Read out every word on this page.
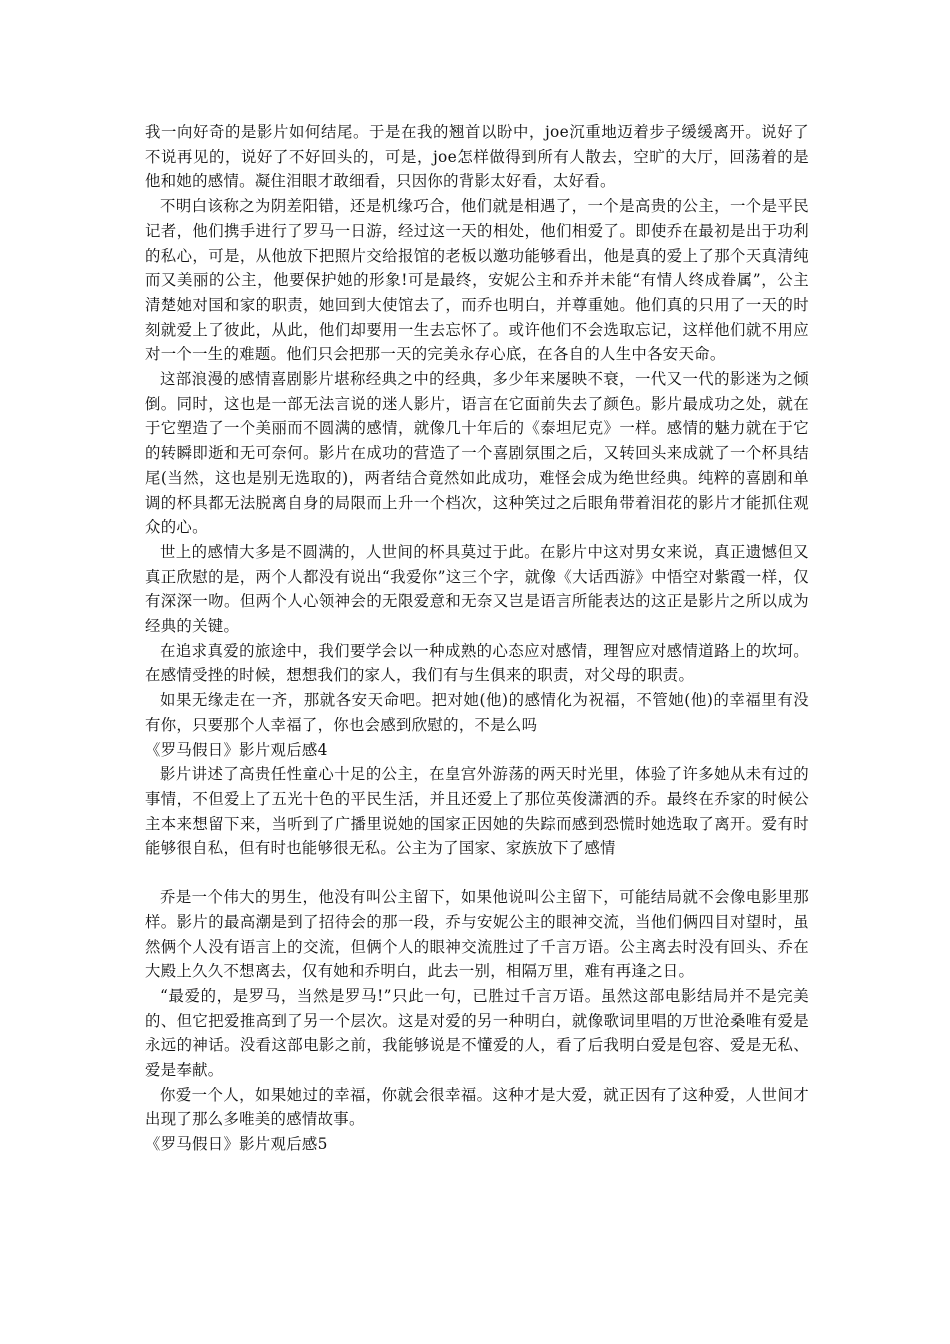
我一向好奇的是影片如何结尾。于是在我的翘首以盼中，joe沉重地迈着步子缓缓离开。说好了不说再见的，说好了不好回头的，可是，joe怎样做得到所有人散去，空旷的大厅，回荡着的是他和她的感情。凝住泪眼才敢细看，只因你的背影太好看，太好看。

不明白该称之为阴差阳错，还是机缘巧合，他们就是相遇了，一个是高贵的公主，一个是平民记者，他们携手进行了罗马一日游，经过这一天的相处，他们相爱了。即使乔在最初是出于功利的私心，可是，从他放下把照片交给报馆的老板以邀功能够看出，他是真的爱上了那个天真清纯而又美丽的公主，他要保护她的形象!可是最终，安妮公主和乔并未能“有情人终成眷属”，公主清楚她对国和家的职责，她回到大使馆去了，而乔也明白，并尊重她。他们真的只用了一天的时刻就爱上了彼此，从此，他们却要用一生去忘怀了。或许他们不会选取忘记，这样他们就不用应对一个一生的难题。他们只会把那一天的完美永存心底，在各自的人生中各安天命。

这部浪漫的感情喜剧影片堪称经典之中的经典，多少年来屡映不衰，一代又一代的影迷为之倾倒。同时，这也是一部无法言说的迷人影片，语言在它面前失去了颜色。影片最成功之处，就在于它塑造了一个美丽而不圆满的感情，就像几十年后的《泰坦尼克》一样。感情的魅力就在于它的转瞬即逝和无可奈何。影片在成功的营造了一个喜剧氛围之后，又转回头来成就了一个杯具结尾(当然，这也是别无选取的)，两者结合竟然如此成功，难怪会成为绝世经典。纯粹的喜剧和单调的杯具都无法脱离自身的局限而上升一个档次，这种笑过之后眼角带着泪花的影片才能抓住观众的心。

世上的感情大多是不圆满的，人世间的杯具莫过于此。在影片中这对男女来说，真正遗憾但又真正欣慰的是，两个人都没有说出“我爱你”这三个字，就像《大话西游》中悟空对紫霞一样，仅有深深一吻。但两个人心领神会的无限爱意和无奈又岂是语言所能表达的这正是影片之所以成为经典的关键。

在追求真爱的旅途中，我们要学会以一种成熟的心态应对感情，理智应对感情道路上的坎坷。在感情受挫的时候，想想我们的家人，我们有与生俱来的职责，对父母的职责。

如果无缘走在一齐，那就各安天命吧。把对她(他)的感情化为祝福，不管她(他)的幸福里有没有你，只要那个人幸福了，你也会感到欣慰的，不是么吗

《罗马假日》影片观后感4

影片讲述了高贵任性童心十足的公主，在皇宫外游荡的两天时光里，体验了许多她从未有过的事情，不但爱上了五光十色的平民生活，并且还爱上了那位英俊潇洒的乔。最终在乔家的时候公主本来想留下来，当听到了广播里说她的国家正因她的失踪而感到恐慌时她选取了离开。爱有时能够很自私，但有时也能够很无私。公主为了国家、家族放下了感情

乔是一个伟大的男生，他没有叫公主留下，如果他说叫公主留下，可能结局就不会像电影里那样。影片的最高潮是到了招待会的那一段，乔与安妮公主的眼神交流，当他们俩四目对望时，虽然俩个人没有语言上的交流，但俩个人的眼神交流胜过了千言万语。公主离去时没有回头、乔在大殿上久久不想离去，仅有她和乔明白，此去一别，相隔万里，难有再逢之日。

“最爱的，是罗马，当然是罗马!”只此一句，已胜过千言万语。虽然这部电影结局并不是完美的、但它把爱推高到了另一个层次。这是对爱的另一种明白，就像歌词里唱的万世沧桑唯有爱是永远的神话。没看这部电影之前，我能够说是不懂爱的人，看了后我明白爱是包容、爱是无私、爱是奉献。

你爱一个人，如果她过的幸福，你就会很幸福。这种才是大爱，就正因有了这种爱，人世间才出现了那么多唯美的感情故事。

《罗马假日》影片观后感5
